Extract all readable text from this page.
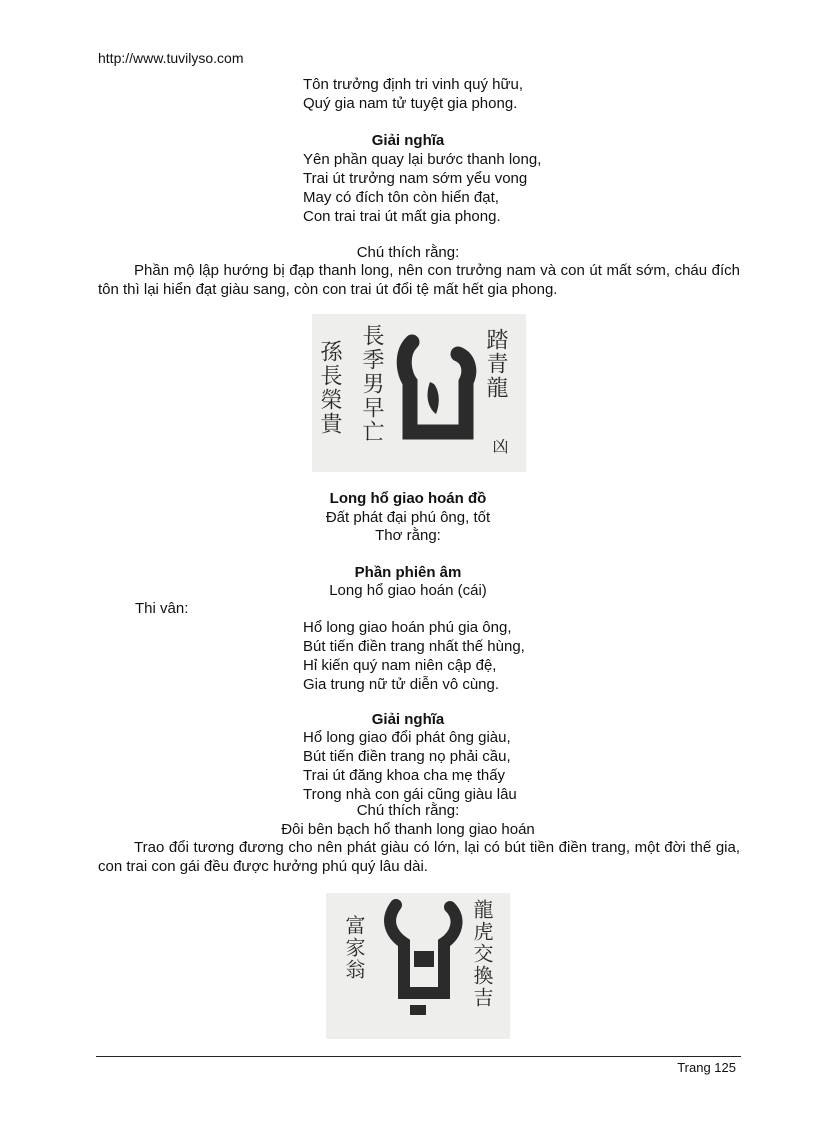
http://www.tuvilyso.com
Tôn trưởng định tri vinh quý hữu,
Quý gia nam tử tuyệt gia phong.
Giải nghĩa
Yên phần quay lại bước thanh long,
Trai út trưởng nam sớm yểu vong
May có đích tôn còn hiển đạt,
Con trai trai út mất gia phong.
Chú thích rằng:
Phần mộ lập hướng bị đạp thanh long, nên con trưởng nam và con út mất sớm, cháu đích tôn thì lại hiển đạt giàu sang, còn con trai út đổi tệ mất hết gia phong.
踏青龍
凶
長季男早亡
孫長榮貴
Long hổ giao hoán đồ
Đất phát đại phú ông, tốt
Thơ rằng:
Phần phiên âm
Long hổ giao hoán (cái)
Thi vân:
Hổ long giao hoán phú gia ông,
Bút tiến điền trang nhất thế hùng,
Hỉ kiến quý nam niên cập đệ,
Gia trung nữ tử diễn vô cùng.
Giải nghĩa
Hổ long giao đổi phát ông giàu,
Bút tiến điền trang nọ phải cầu,
Trai út đăng khoa cha mẹ thấy
Trong nhà con gái cũng giàu lâu
Chú thích rằng:
Đôi bên bạch hổ thanh long giao hoán
Trao đổi tương đương cho nên phát giàu có lớn, lại có bút tiền điền trang, một đời thế gia, con trai con gái đều được hưởng phú quý lâu dài.
龍虎交換吉
富家翁
Trang 125
